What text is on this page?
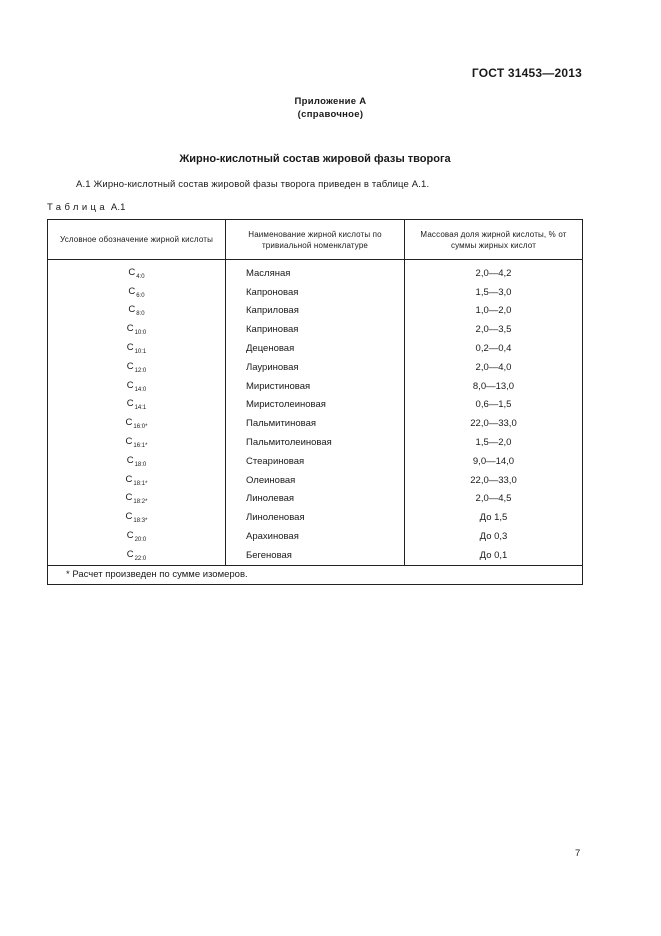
ГОСТ 31453—2013
Приложение А
(справочное)
Жирно-кислотный состав жировой фазы творога
А.1 Жирно-кислотный состав жировой фазы творога приведен в таблице А.1.
Таблица А.1
Условное обозначение жирной кислоты	Наименование жирной кислоты по тривиальной номенклатуре	Массовая доля жирной кислоты, % от суммы жирных кислот
$C_{4:0}$	Масляная	2,0—4,2
$C_{6:0}$	Капроновая	1,5—3,0
$C_{8:0}$	Каприловая	1,0—2,0
$C_{10:0}$	Каприновая	2,0—3,5
$C_{10:1}$	Деценовая	0,2—0,4
$C_{12:0}$	Лауриновая	2,0—4,0
$C_{14:0}$	Миристиновая	8,0—13,0
$C_{14:1}$	Миристолеиновая	0,6—1,5
$C_{16:0*}$	Пальмитиновая	22,0—33,0
$C_{16:1*}$	Пальмитолеиновая	1,5—2,0
$C_{18:0}$	Стеариновая	9,0—14,0
$C_{18:1*}$	Олеиновая	22,0—33,0
$C_{18:2*}$	Линолевая	2,0—4,5
$C_{18:3*}$	Линоленовая	До 1,5
$C_{20:0}$	Арахиновая	До 0,3
$C_{22:0}$	Бегеновая	До 0,1
* Расчет произведен по сумме изомеров.		
7
